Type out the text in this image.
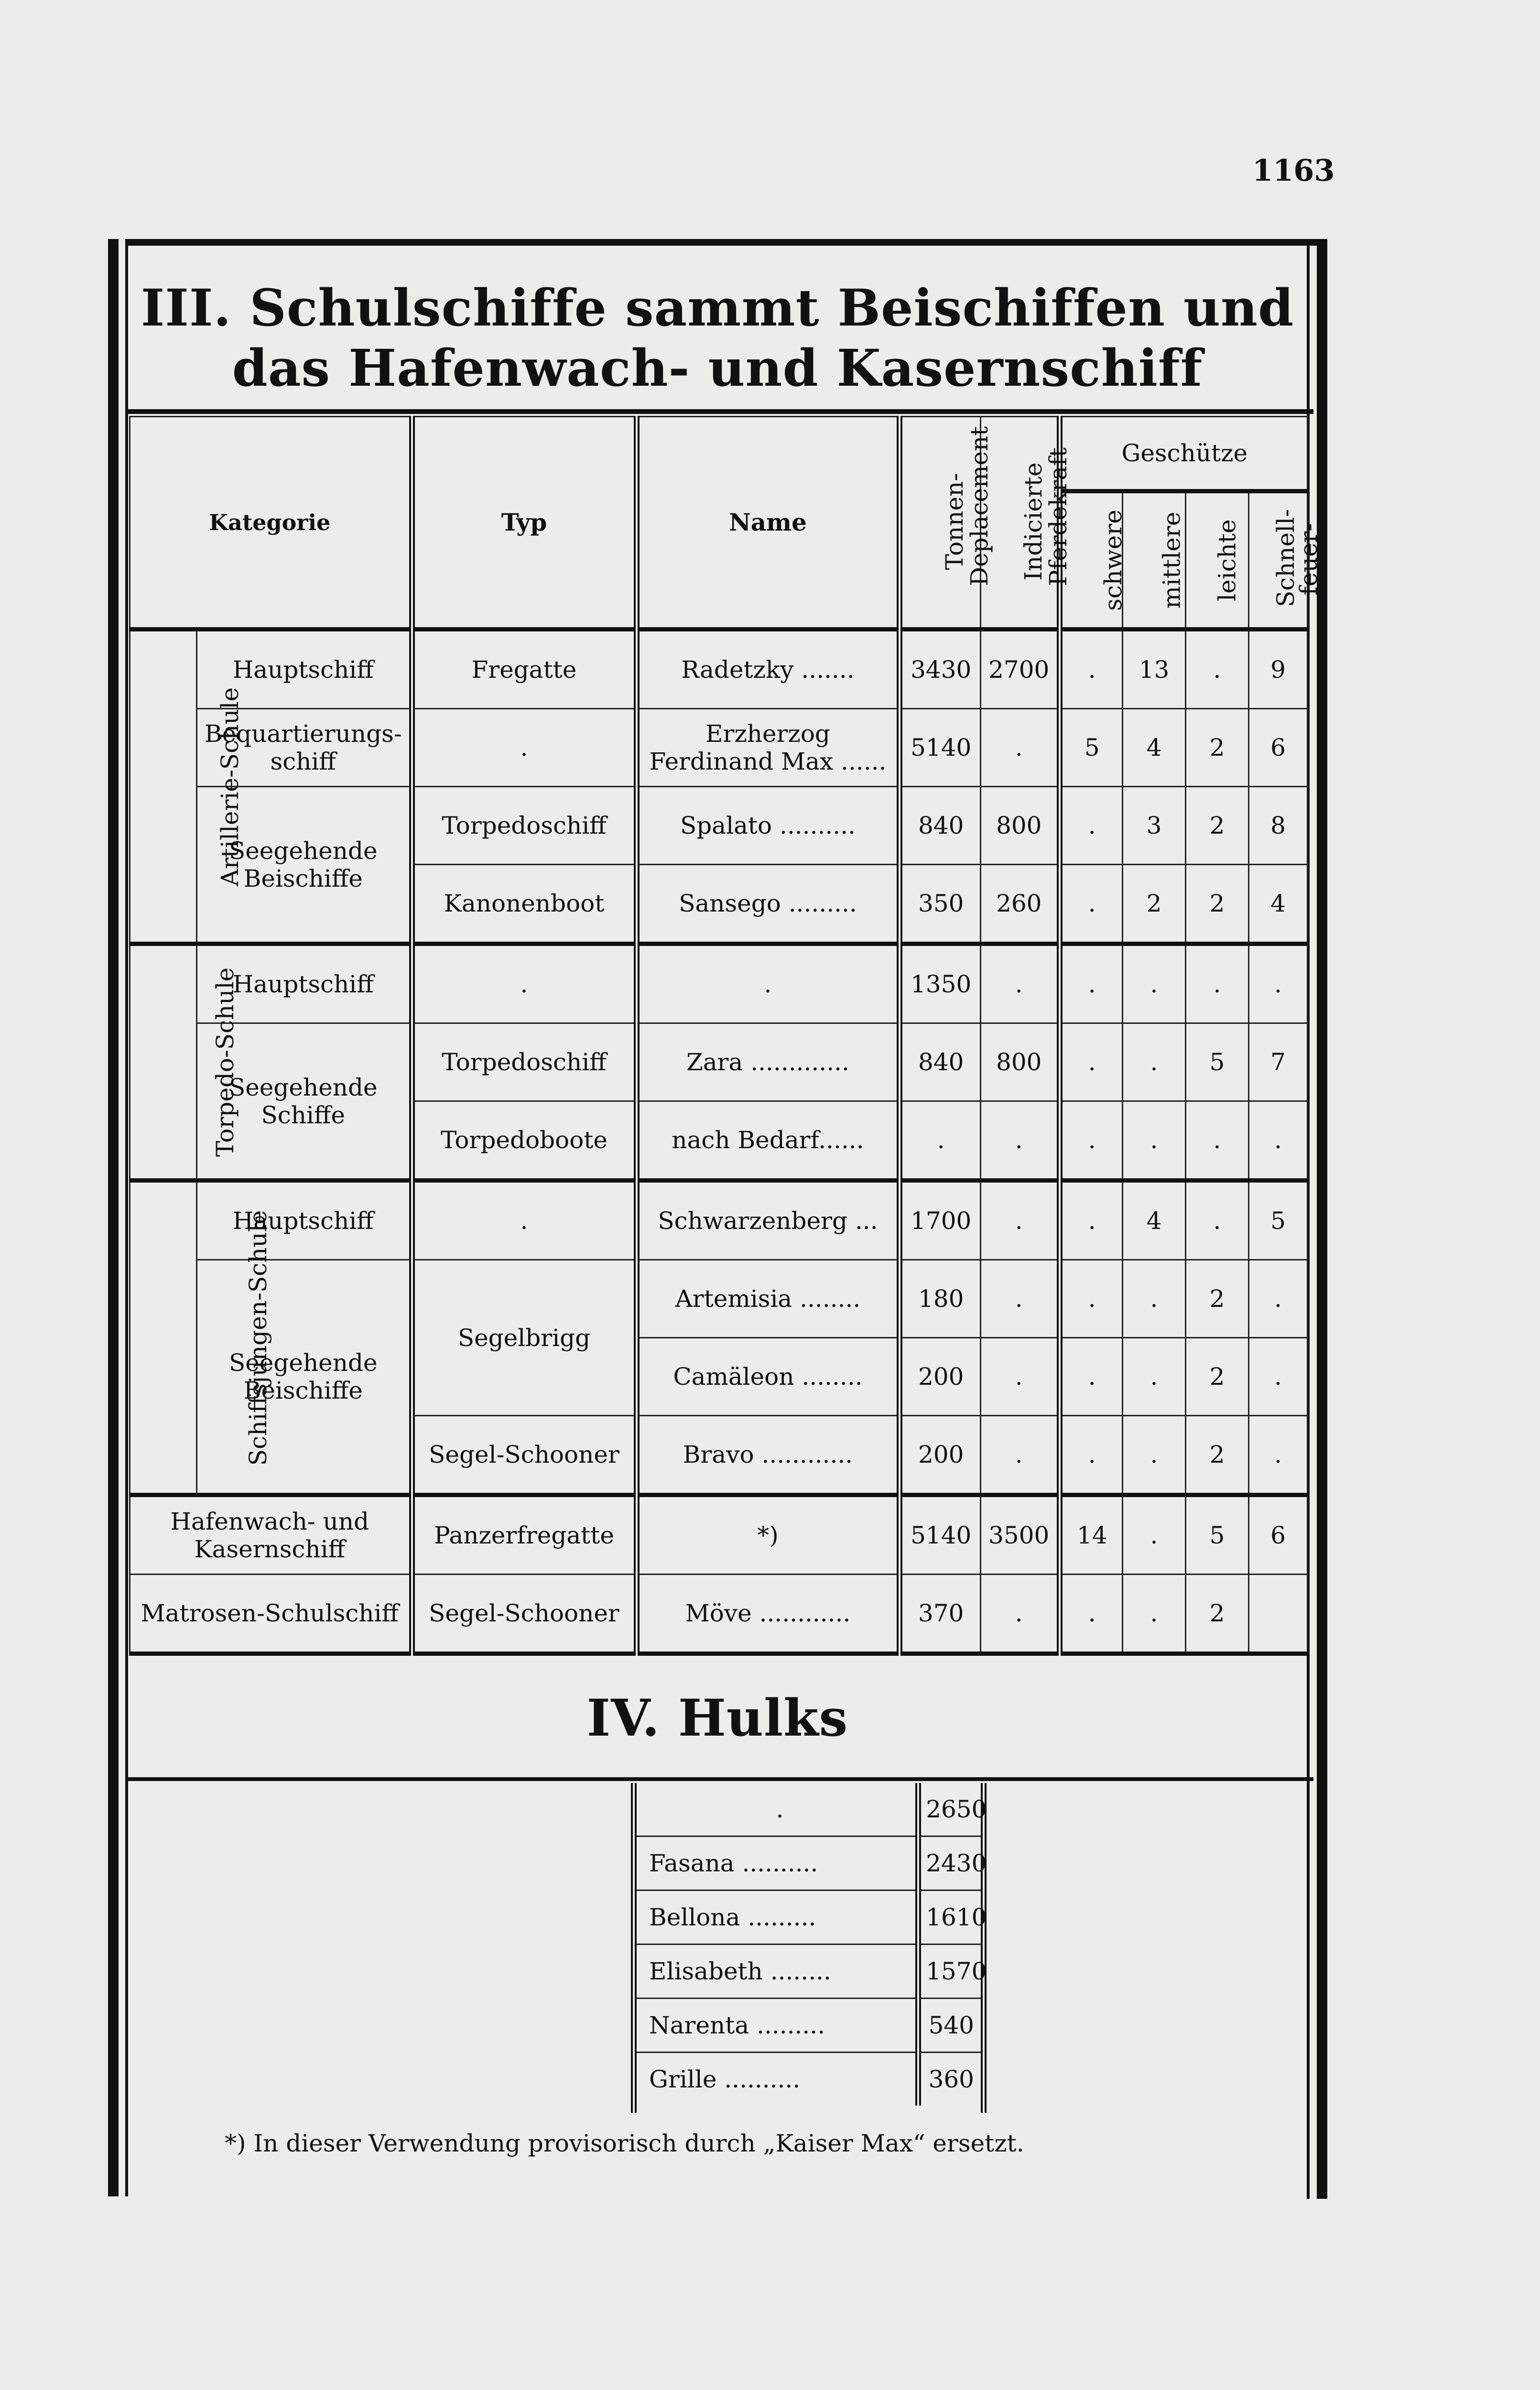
1163
III. Schulschiffe sammt Beischiffen und
das Hafenwach- und Kasernschiff
Kategorie		Typ	Name	Tonnen-Deplacement	Indicierte Pferdekraft	Geschütze			
						schwere	mittlere	leichte	Schnell-feuer-
Artillerie-Schule	Hauptschiff	Fregatte	Radetzky .......	3430	2700	.	13	.	9
	Bequartierungs-schiff	.	Erzherzog Ferdinand Max ......	5140	.	5	4	2	6
	Seegehende Beischiffe	Torpedoschiff	Spalato ..........	840	800	.	3	2	8
		Kanonenboot	Sansego .........	350	260	.	2	2	4
Torpedo-Schule	Hauptschiff	.	.	1350	.	.	.	.	.
	Seegehende Schiffe	Torpedoschiff	Zara .............	840	800	.	.	5	7
		Torpedoboote	nach Bedarf......	.	.	.	.	.	.
Schiffsjungen-Schule	Hauptschiff	.	Schwarzenberg ...	1700	.	.	4	.	5
	Seegehende Beischiffe	Segelbrigg	Artemisia ........	180	.	.	.	2	.
			Camäleon ........	200	.	.	.	2	.
		Segel-Schooner	Bravo ............	200	.	.	.	2	.
Hafenwach- und Kasernschiff		Panzerfregatte	*)	5140	3500	14	.	5	6
Matrosen-Schulschiff		Segel-Schooner	Möve ............	370	.	.	.	2	
IV. Hulks
.	2650
Fasana ..........	2430
Bellona .........	1610
Elisabeth ........	1570
Narenta .........	540
Grille ..........	360
*) In dieser Verwendung provisorisch durch „Kaiser Max“ ersetzt.
